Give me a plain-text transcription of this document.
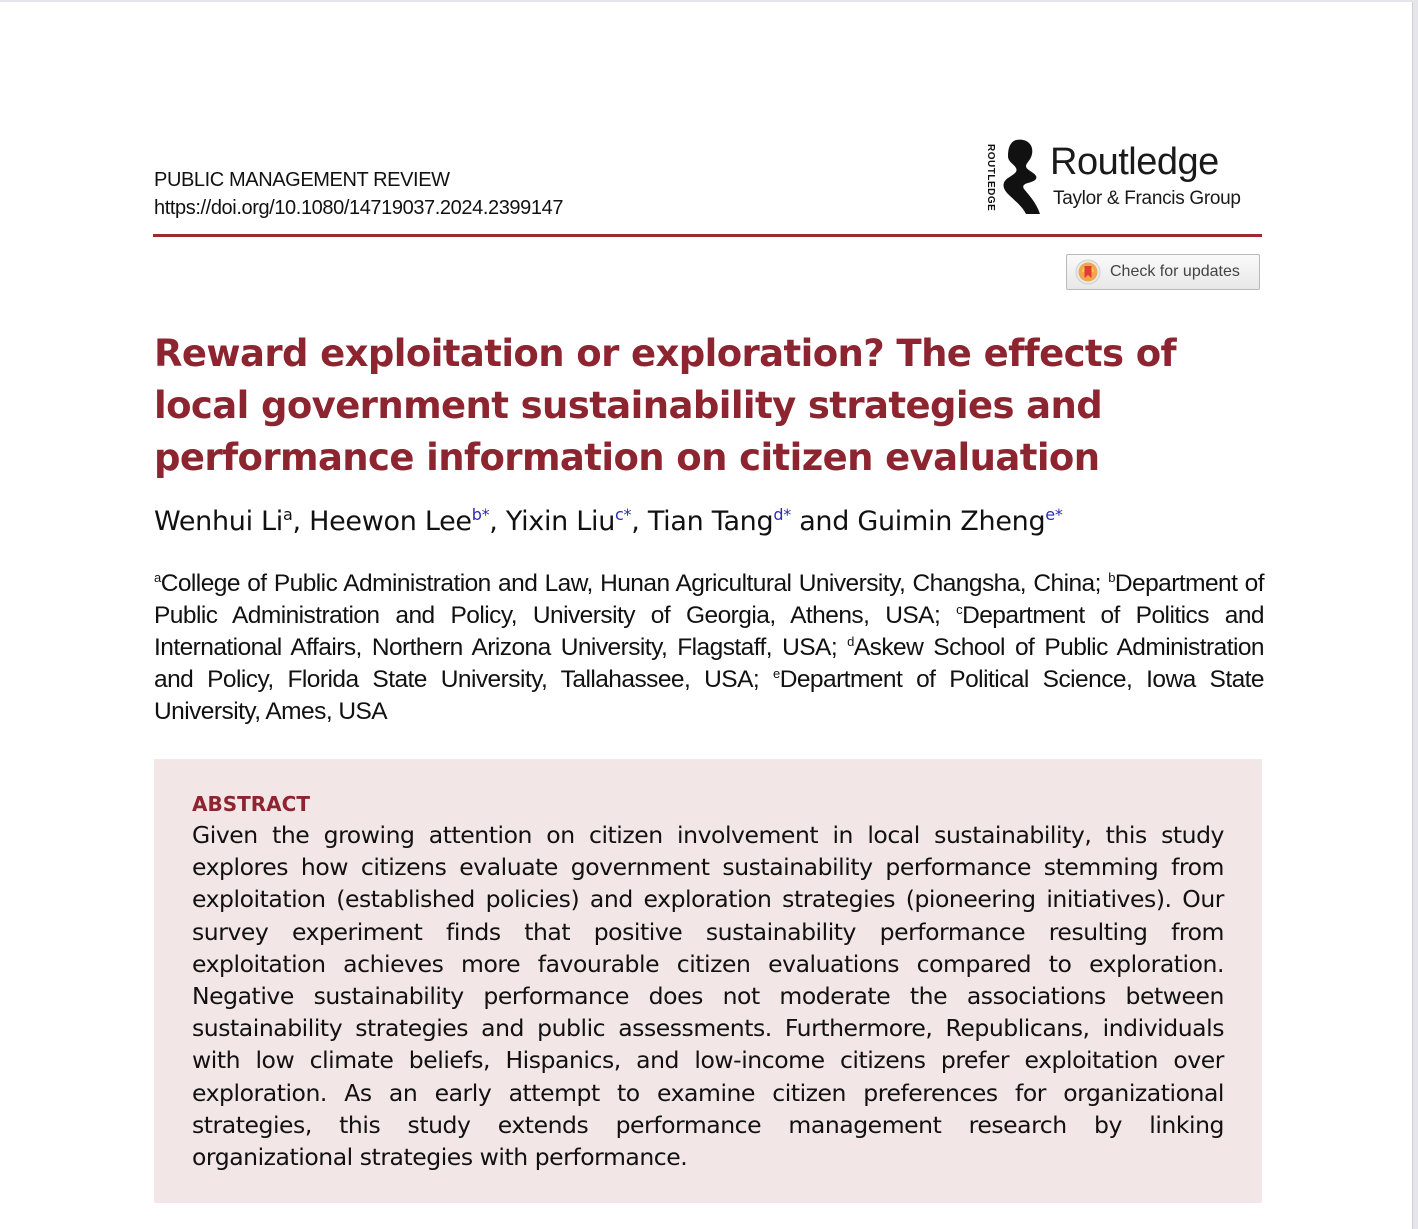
PUBLIC MANAGEMENT REVIEW
https://doi.org/10.1080/14719037.2024.2399147	ROUTLEDGE Routledge
Taylor & Francis Group
Check for updates
Reward exploitation or exploration? The effects of local government sustainability strategies and performance information on citizen evaluation
Wenhui Li$^a$, Heewon Lee$^{b*}$, Yixin Liu$^{c*}$, Tian Tang$^{d*}$ and Guimin Zheng$^{e*}$
$^a$College of Public Administration and Law, Hunan Agricultural University, Changsha, China; $^b$Department of Public Administration and Policy, University of Georgia, Athens, USA; $^c$Department of Politics and International Affairs, Northern Arizona University, Flagstaff, USA; $^d$Askew School of Public Administration and Policy, Florida State University, Tallahassee, USA; $^e$Department of Political Science, Iowa State University, Ames, USA
ABSTRACT
Given the growing attention on citizen involvement in local sustainability, this study explores how citizens evaluate government sustainability performance stemming from exploitation (established policies) and exploration strategies (pioneering initiatives). Our survey experiment finds that positive sustainability performance resulting from exploitation achieves more favourable citizen evaluations compared to exploration. Negative sustainability performance does not moderate the associations between sustainability strategies and public assessments. Furthermore, Republicans, individuals with low climate beliefs, Hispanics, and low-income citizens prefer exploitation over exploration. As an early attempt to examine citizen preferences for organizational strategies, this study extends performance management research by linking organizational strategies with performance.
